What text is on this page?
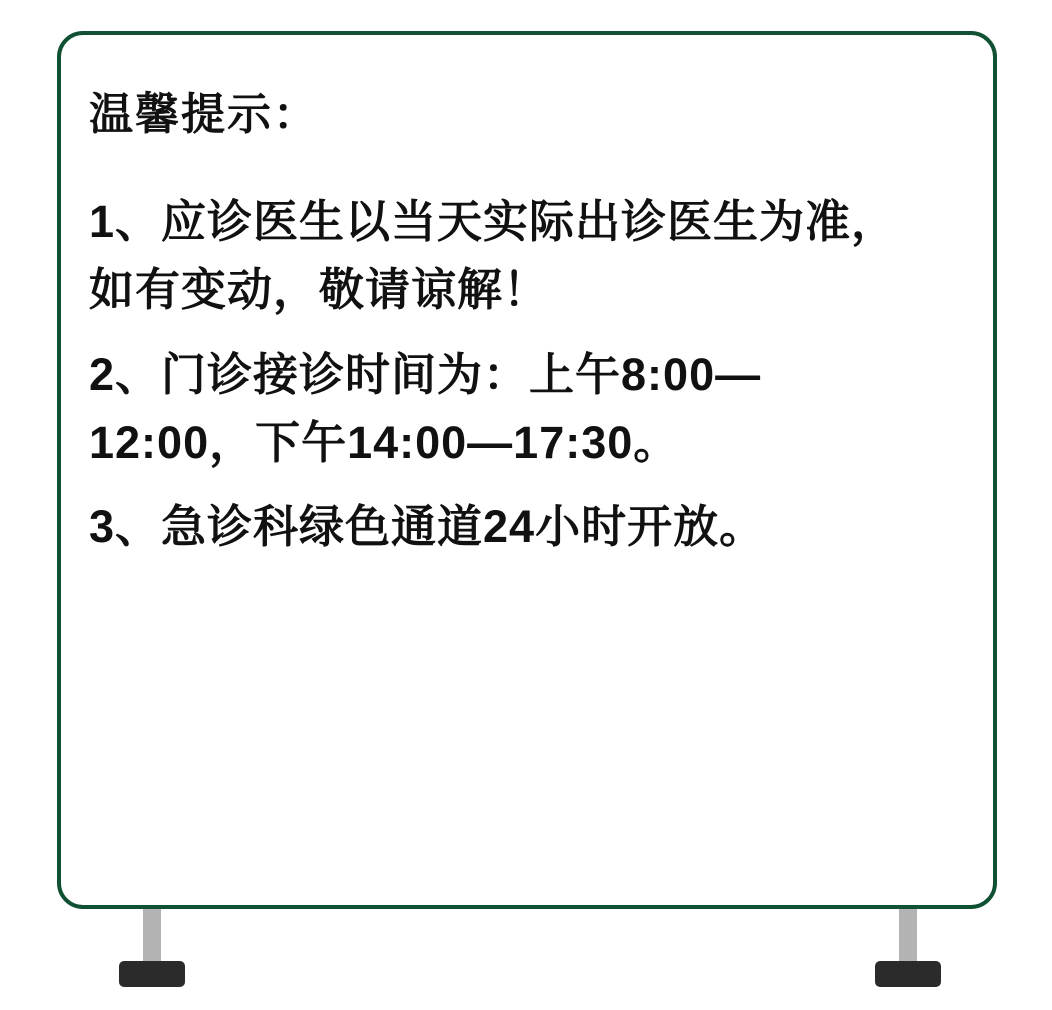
温馨提示：
1、应诊医生以当天实际出诊医生为准，如有变动，敬请谅解！
2、门诊接诊时间为：上午8:00—12:00，下午14:00—17:30。
3、急诊科绿色通道24小时开放。
